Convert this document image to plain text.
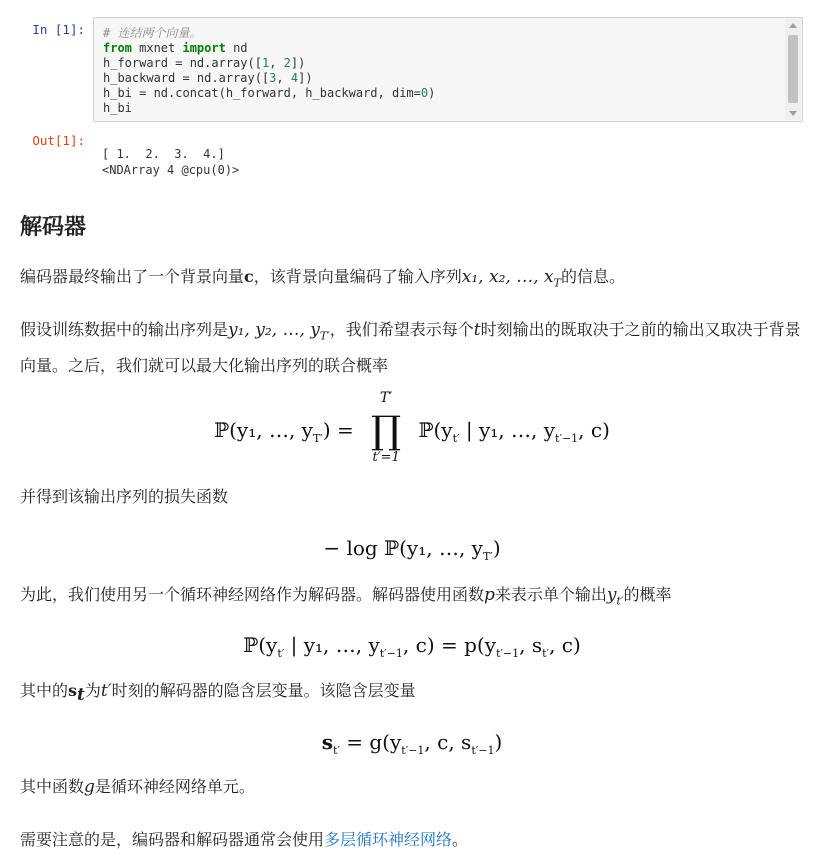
In [1]: # 连结两个向量。
from mxnet import nd
h_forward = nd.array([1, 2])
h_backward = nd.array([3, 4])
h_bi = nd.concat(h_forward, h_backward, dim=0)
h_bi
Out[1]:
[ 1.  2.  3.  4.]
<NDArray 4 @cpu(0)>
解码器

编码器最终输出了一个背景向量c，该背景向量编码了输入序列x₁, x₂, …, $x_T$的信息。

假设训练数据中的输出序列是y₁, y₂, …, $y_{T'}$，我们希望表示每个t时刻输出的既取决于之前的输出又取决于背景向量。之后，我们就可以最大化输出序列的联合概率

ℙ(y₁, …, $y_{T'}$) =
T′
∏
t′=1
$ℙ(y_{t'}$ | y₁, …, $y_{t'-1}$, c)

并得到该输出序列的损失函数

− log ℙ(y₁, …, $y_{T'}$)

为此，我们使用另一个循环神经网络作为解码器。解码器使用函数p来表示单个输出$y_{t'}$的概率

$ℙ(y_{t'}$ | y₁, …, $y_{t'-1}$, $c) = p(y_{t'-1}$, $s_{t'}$, c)

其中的$s_t$为t′时刻的解码器的隐含层变量。该隐含层变量

$s_{t'} = g(y_{t'-1}$, c, $s_{t'-1}$)

其中函数g是循环神经网络单元。

需要注意的是，编码器和解码器通常会使用多层循环神经网络。
